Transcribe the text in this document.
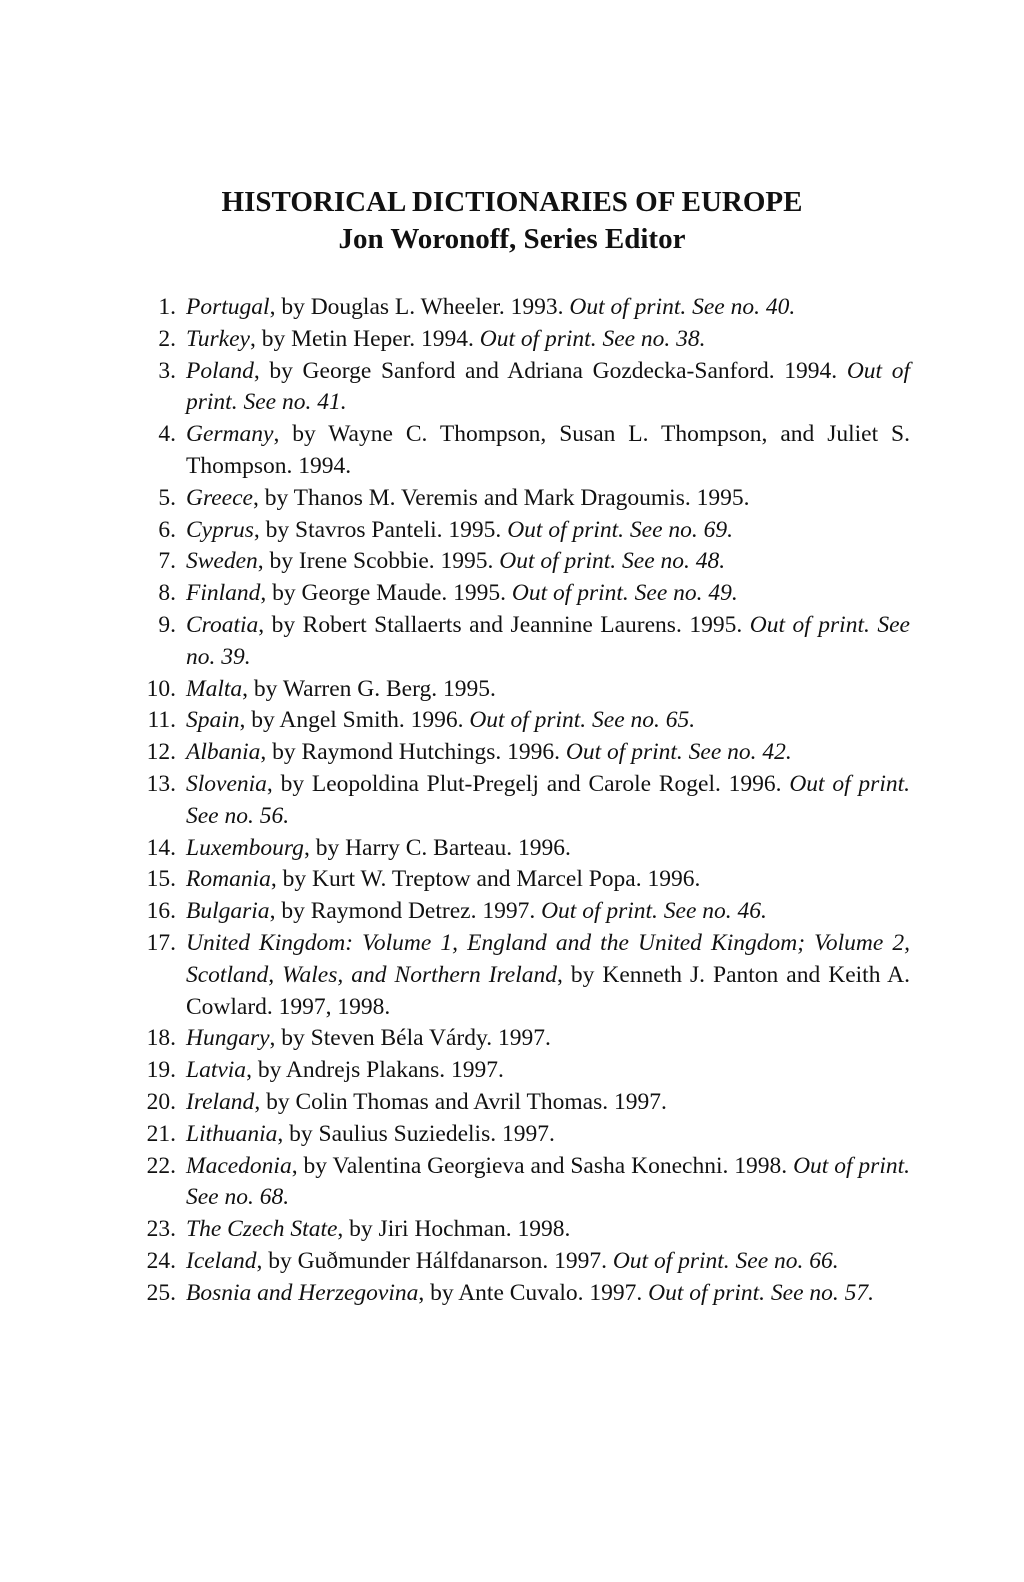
HISTORICAL DICTIONARIES OF EUROPE
Jon Woronoff, Series Editor
1. Portugal, by Douglas L. Wheeler. 1993. Out of print. See no. 40.
2. Turkey, by Metin Heper. 1994. Out of print. See no. 38.
3. Poland, by George Sanford and Adriana Gozdecka-Sanford. 1994. Out of print. See no. 41.
4. Germany, by Wayne C. Thompson, Susan L. Thompson, and Juliet S. Thompson. 1994.
5. Greece, by Thanos M. Veremis and Mark Dragoumis. 1995.
6. Cyprus, by Stavros Panteli. 1995. Out of print. See no. 69.
7. Sweden, by Irene Scobbie. 1995. Out of print. See no. 48.
8. Finland, by George Maude. 1995. Out of print. See no. 49.
9. Croatia, by Robert Stallaerts and Jeannine Laurens. 1995. Out of print. See no. 39.
10. Malta, by Warren G. Berg. 1995.
11. Spain, by Angel Smith. 1996. Out of print. See no. 65.
12. Albania, by Raymond Hutchings. 1996. Out of print. See no. 42.
13. Slovenia, by Leopoldina Plut-Pregelj and Carole Rogel. 1996. Out of print. See no. 56.
14. Luxembourg, by Harry C. Barteau. 1996.
15. Romania, by Kurt W. Treptow and Marcel Popa. 1996.
16. Bulgaria, by Raymond Detrez. 1997. Out of print. See no. 46.
17. United Kingdom: Volume 1, England and the United Kingdom; Volume 2, Scotland, Wales, and Northern Ireland, by Kenneth J. Panton and Keith A. Cowlard. 1997, 1998.
18. Hungary, by Steven Béla Várdy. 1997.
19. Latvia, by Andrejs Plakans. 1997.
20. Ireland, by Colin Thomas and Avril Thomas. 1997.
21. Lithuania, by Saulius Suziedelis. 1997.
22. Macedonia, by Valentina Georgieva and Sasha Konechni. 1998. Out of print. See no. 68.
23. The Czech State, by Jiri Hochman. 1998.
24. Iceland, by Guðmunder Hálfdanarson. 1997. Out of print. See no. 66.
25. Bosnia and Herzegovina, by Ante Cuvalo. 1997. Out of print. See no. 57.
